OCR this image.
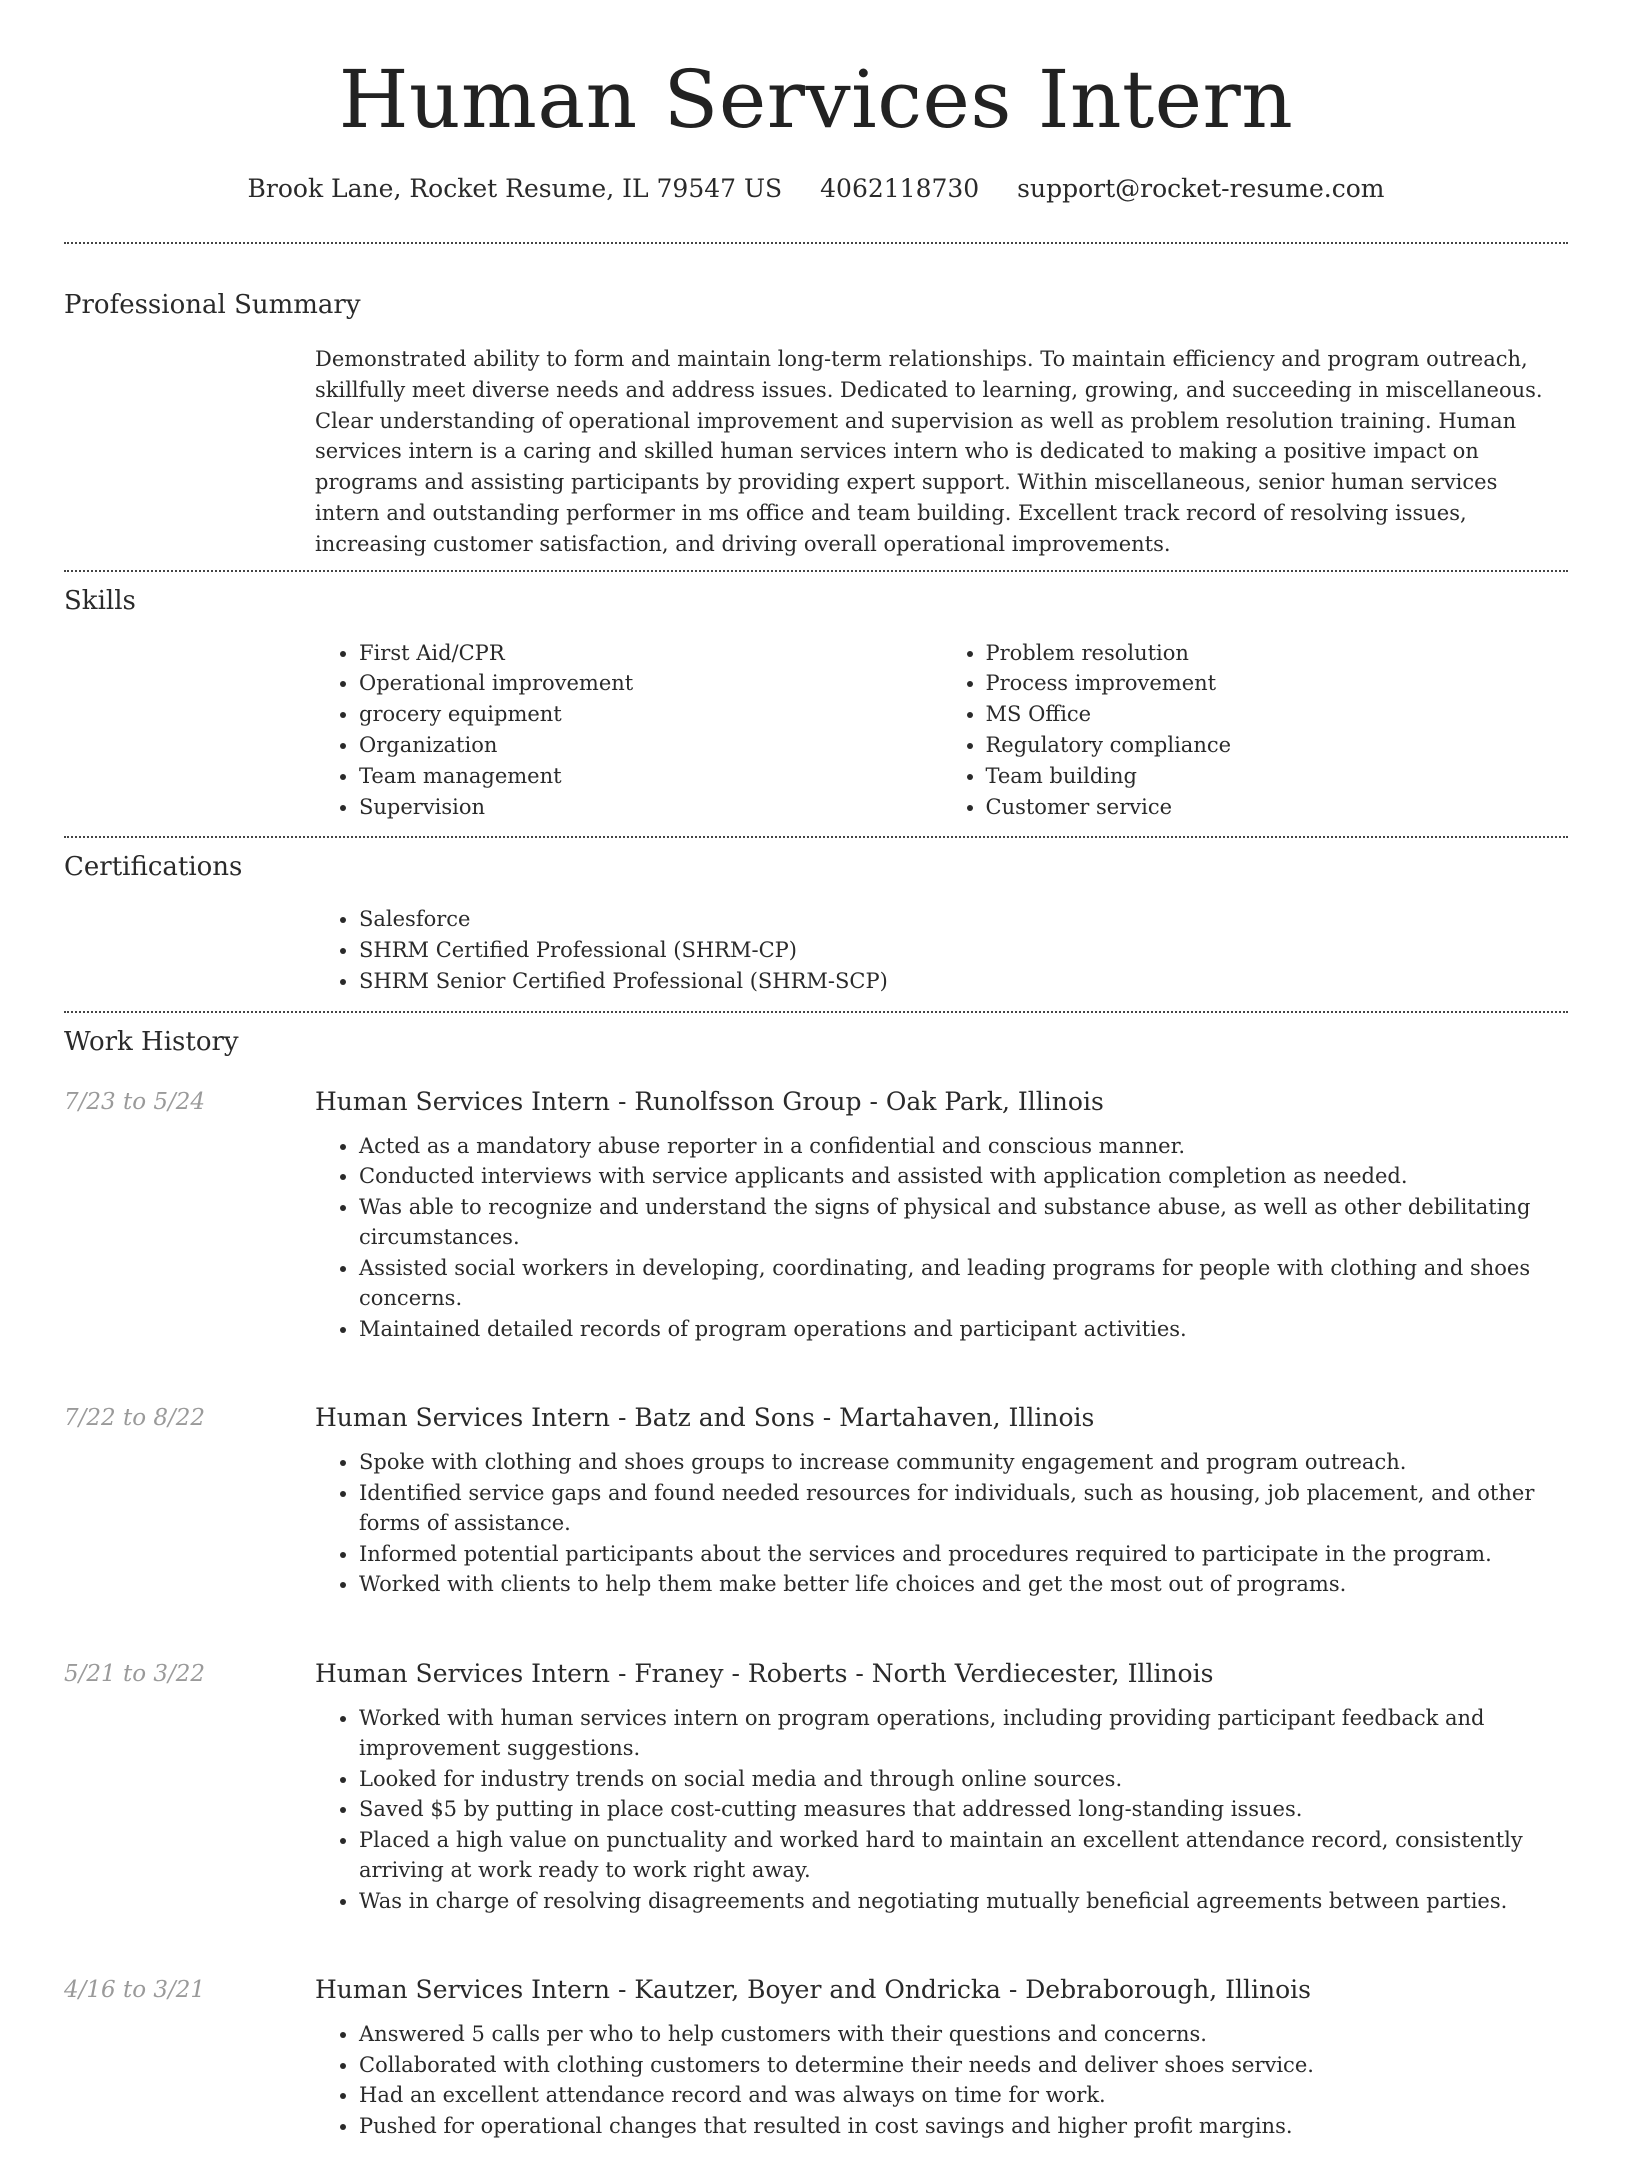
Human Services Intern
Brook Lane, Rocket Resume, IL 79547 US 4062118730 support@rocket-resume.com
Professional Summary
Demonstrated ability to form and maintain long-term relationships. To maintain efficiency and program outreach, skillfully meet diverse needs and address issues. Dedicated to learning, growing, and succeeding in miscellaneous. Clear understanding of operational improvement and supervision as well as problem resolution training. Human services intern is a caring and skilled human services intern who is dedicated to making a positive impact on programs and assisting participants by providing expert support. Within miscellaneous, senior human services intern and outstanding performer in ms office and team building. Excellent track record of resolving issues, increasing customer satisfaction, and driving overall operational improvements.
Skills
• First Aid/CPR
• Operational improvement
• grocery equipment
• Organization
• Team management
• Supervision
• Problem resolution
• Process improvement
• MS Office
• Regulatory compliance
• Team building
• Customer service
Certifications
• Salesforce
• SHRM Certified Professional (SHRM-CP)
• SHRM Senior Certified Professional (SHRM-SCP)
Work History
7/23 to 5/24	Human Services Intern - Runolfsson Group - Oak Park, Illinois
• Acted as a mandatory abuse reporter in a confidential and conscious manner.
• Conducted interviews with service applicants and assisted with application completion as needed.
• Was able to recognize and understand the signs of physical and substance abuse, as well as other debilitating circumstances.
• Assisted social workers in developing, coordinating, and leading programs for people with clothing and shoes concerns.
• Maintained detailed records of program operations and participant activities.
7/22 to 8/22	Human Services Intern - Batz and Sons - Martahaven, Illinois
• Spoke with clothing and shoes groups to increase community engagement and program outreach.
• Identified service gaps and found needed resources for individuals, such as housing, job placement, and other forms of assistance.
• Informed potential participants about the services and procedures required to participate in the program.
• Worked with clients to help them make better life choices and get the most out of programs.
5/21 to 3/22	Human Services Intern - Franey - Roberts - North Verdiecester, Illinois
• Worked with human services intern on program operations, including providing participant feedback and improvement suggestions.
• Looked for industry trends on social media and through online sources.
• Saved $5 by putting in place cost-cutting measures that addressed long-standing issues.
• Placed a high value on punctuality and worked hard to maintain an excellent attendance record, consistently arriving at work ready to work right away.
• Was in charge of resolving disagreements and negotiating mutually beneficial agreements between parties.
4/16 to 3/21	Human Services Intern - Kautzer, Boyer and Ondricka - Debraborough, Illinois
• Answered 5 calls per who to help customers with their questions and concerns.
• Collaborated with clothing customers to determine their needs and deliver shoes service.
• Had an excellent attendance record and was always on time for work.
• Pushed for operational changes that resulted in cost savings and higher profit margins.
